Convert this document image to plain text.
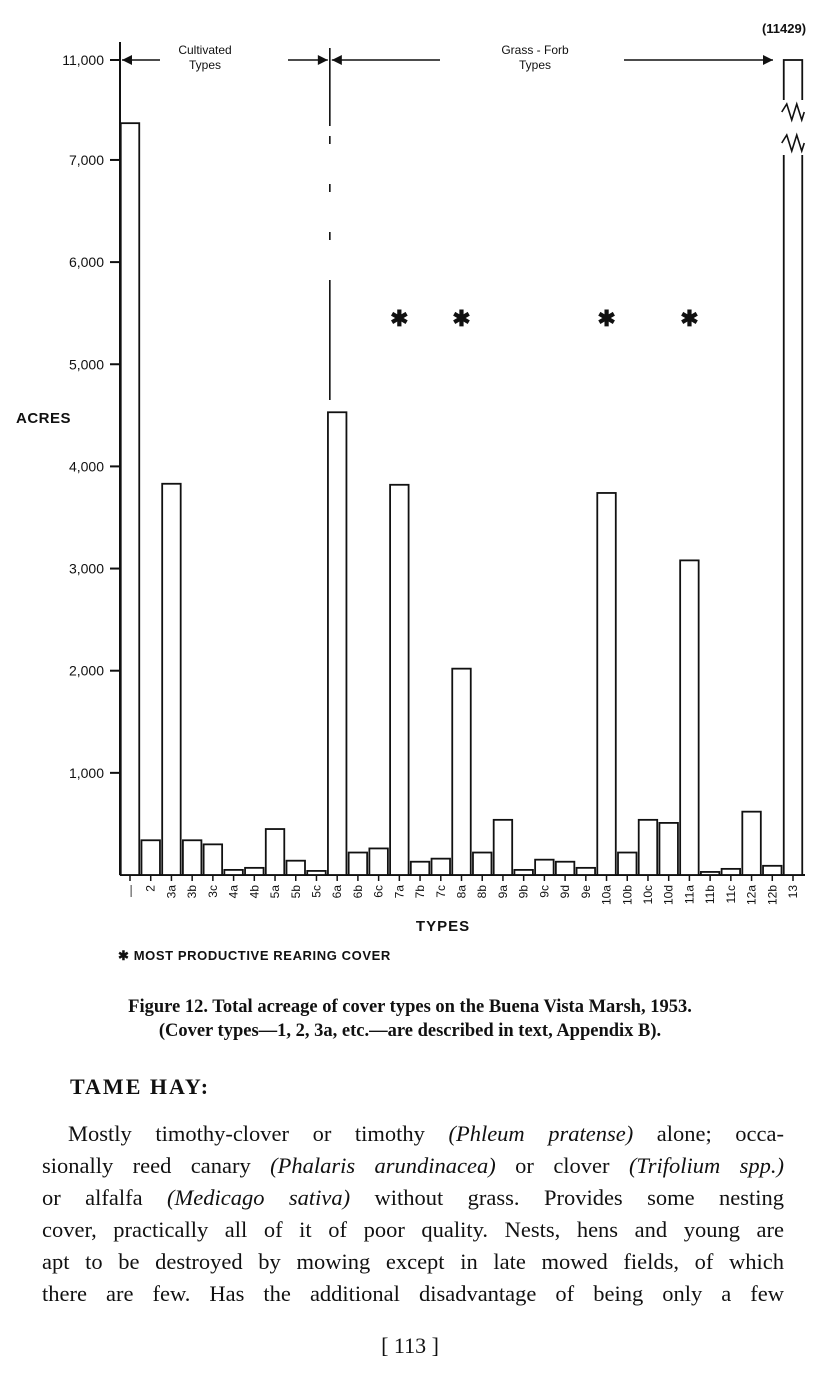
1,000
2,000
3,000
4,000
5,000
6,000
7,000
11,000
— 2 3a 3b 3c 4a 4b 5a 5b 5c 6a 6b 6c 7a 7b 7c 8a 8b 9a 9b 9c 9d 9e 10a 10b 10c 10d 11a 11b 11c 12a 12b 13
Cultivated Types
Grass - Forb Types
✱ ✱	✱	✱
ACRES
TYPES
✱ MOST PRODUCTIVE REARING COVER
(11429)
Figure 12. Total acreage of cover types on the Buena Vista Marsh, 1953.
(Cover types—1, 2, 3a, etc.—are described in text, Appendix B).
TAME HAY:
Mostly timothy-clover or timothy (Phleum pratense) alone; occa-
sionally reed canary (Phalaris arundinacea) or clover (Trifolium spp.)
or alfalfa (Medicago sativa) without grass. Provides some nesting
cover, practically all of it of poor quality. Nests, hens and young are
apt to be destroyed by mowing except in late mowed fields, of which
there are few. Has the additional disadvantage of being only a few
[ 113 ]
